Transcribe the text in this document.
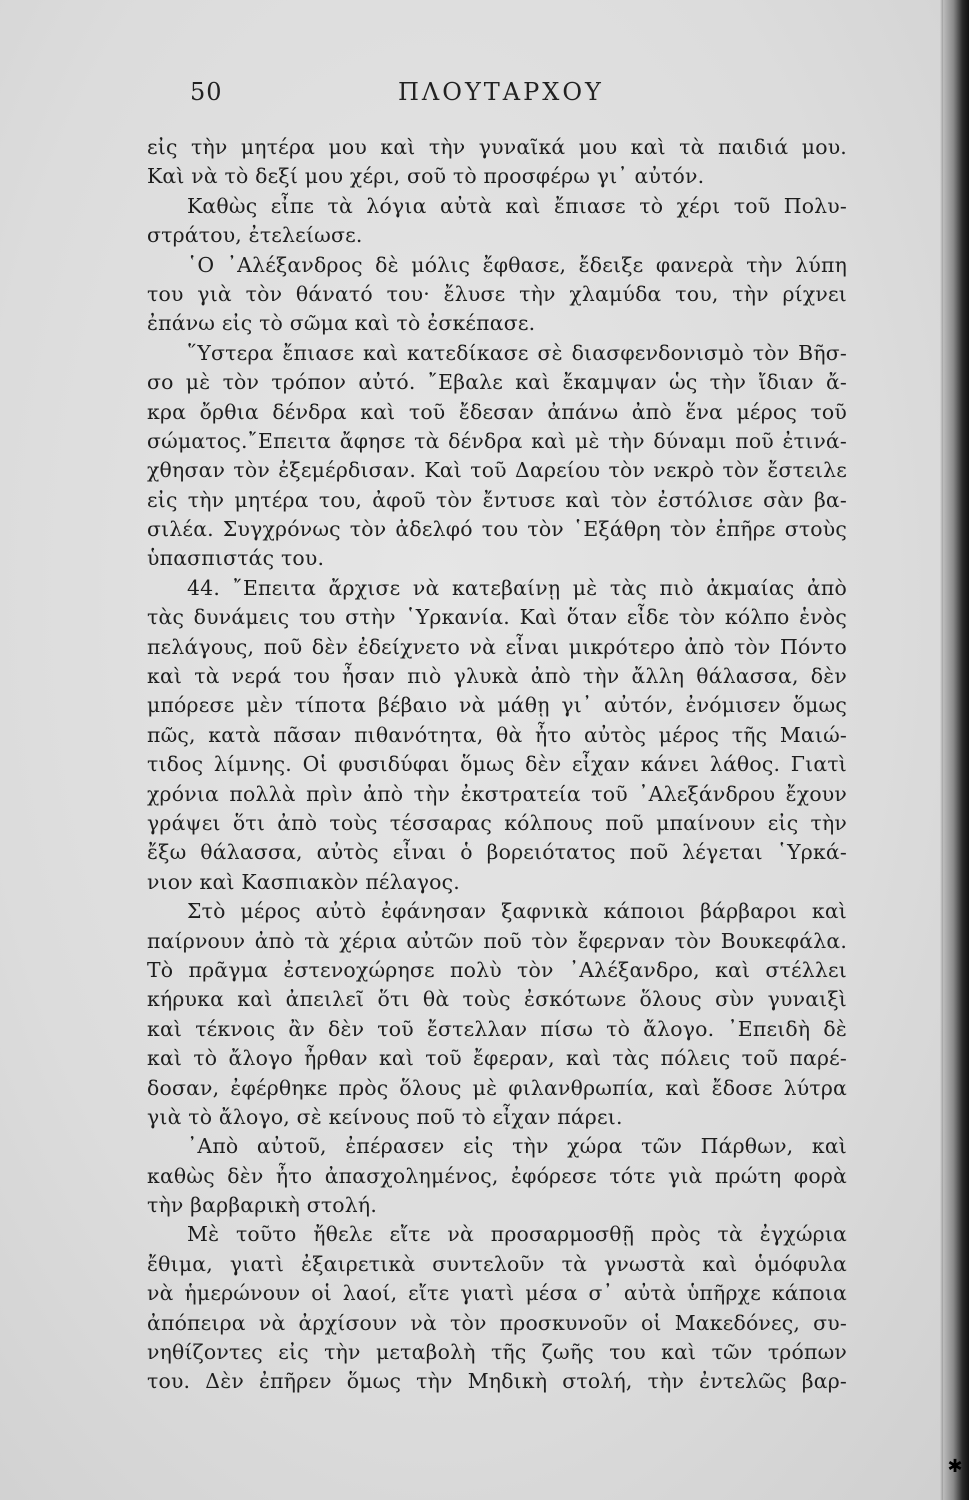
50	ΠΛΟΥΤΑΡΧΟΥ
εἰς τὴν μητέρα μου καὶ τὴν γυναῖκά μου καὶ τὰ παιδιά μου.
Καὶ νὰ τὸ δεξί μου χέρι, σοῦ τὸ προσφέρω γι᾽ αὐτόν.
Καθὼς εἶπε τὰ λόγια αὐτὰ καὶ ἔπιασε τὸ χέρι τοῦ Πολυ-
στράτου, ἐτελείωσε.
῾Ο ᾽Αλέξανδρος δὲ μόλις ἔφθασε, ἔδειξε φανερὰ τὴν λύπη
του γιὰ τὸν θάνατό του· ἔλυσε τὴν χλαμύδα του, τὴν ρίχνει
ἐπάνω εἰς τὸ σῶμα καὶ τὸ ἐσκέπασε.
῞Υστερα ἔπιασε καὶ κατεδίκασε σὲ διασφενδονισμὸ τὸν Βῆσ-
σο μὲ τὸν τρόπον αὐτό. ῎Εβαλε καὶ ἔκαμψαν ὡς τὴν ἴδιαν ἄ-
κρα ὄρθια δένδρα καὶ τοῦ ἔδεσαν ἀπάνω ἀπὸ ἕνα μέρος τοῦ
σώματος.῎Επειτα ἄφησε τὰ δένδρα καὶ μὲ τὴν δύναμι ποῦ ἐτινά-
χθησαν τὸν ἐξεμέρδισαν. Καὶ τοῦ Δαρείου τὸν νεκρὸ τὸν ἔστειλε
εἰς τὴν μητέρα του, ἀφοῦ τὸν ἔντυσε καὶ τὸν ἐστόλισε σὰν βα-
σιλέα. Συγχρόνως τὸν ἀδελφό του τὸν ῾Εξάθρη τὸν ἐπῆρε στοὺς
ὑπασπιστάς του.
44. ῎Επειτα ἄρχισε νὰ κατεβαίνῃ μὲ τὰς πιὸ ἀκμαίας ἀπὸ
τὰς δυνάμεις του στὴν ῾Υρκανία. Καὶ ὅταν εἶδε τὸν κόλπο ἑνὸς
πελάγους, ποῦ δὲν ἐδείχνετο νὰ εἶναι μικρότερο ἀπὸ τὸν Πόντο
καὶ τὰ νερά του ἦσαν πιὸ γλυκὰ ἀπὸ τὴν ἄλλη θάλασσα, δὲν
μπόρεσε μὲν τίποτα βέβαιο νὰ μάθῃ γι᾽ αὐτόν, ἐνόμισεν ὅμως
πῶς, κατὰ πᾶσαν πιθανότητα, θὰ ἦτο αὐτὸς μέρος τῆς Μαιώ-
τιδος λίμνης. Οἱ φυσιδύφαι ὅμως δὲν εἶχαν κάνει λάθος. Γιατὶ
χρόνια πολλὰ πρὶν ἀπὸ τὴν ἐκστρατεία τοῦ ᾽Αλεξάνδρου ἔχουν
γράψει ὅτι ἀπὸ τοὺς τέσσαρας κόλπους ποῦ μπαίνουν εἰς τὴν
ἔξω θάλασσα, αὐτὸς εἶναι ὁ βορειότατος ποῦ λέγεται ῾Υρκά-
νιον καὶ Κασπιακὸν πέλαγος.
Στὸ μέρος αὐτὸ ἐφάνησαν ξαφνικὰ κάποιοι βάρβαροι καὶ
παίρνουν ἀπὸ τὰ χέρια αὐτῶν ποῦ τὸν ἔφερναν τὸν Βουκεφάλα.
Τὸ πρᾶγμα ἐστενοχώρησε πολὺ τὸν ᾽Αλέξανδρο, καὶ στέλλει
κήρυκα καὶ ἀπειλεῖ ὅτι θὰ τοὺς ἐσκότωνε ὅλους σὺν γυναιξὶ
καὶ τέκνοις ἂν δὲν τοῦ ἔστελλαν πίσω τὸ ἄλογο. ᾽Επειδὴ δὲ
καὶ τὸ ἄλογο ἦρθαν καὶ τοῦ ἔφεραν, καὶ τὰς πόλεις τοῦ παρέ-
δοσαν, ἐφέρθηκε πρὸς ὅλους μὲ φιλανθρωπία, καὶ ἔδοσε λύτρα
γιὰ τὸ ἄλογο, σὲ κείνους ποῦ τὸ εἶχαν πάρει.
᾽Απὸ αὐτοῦ, ἐπέρασεν εἰς τὴν χώρα τῶν Πάρθων, καὶ
καθὼς δὲν ἦτο ἀπασχολημένος, ἐφόρεσε τότε γιὰ πρώτη φορὰ
τὴν βαρβαρικὴ στολή.
Μὲ τοῦτο ἤθελε εἴτε νὰ προσαρμοσθῇ πρὸς τὰ ἐγχώρια
ἔθιμα, γιατὶ ἐξαιρετικὰ συντελοῦν τὰ γνωστὰ καὶ ὁμόφυλα
νὰ ἡμερώνουν οἱ λαοί, εἴτε γιατὶ μέσα σ᾽ αὐτὰ ὑπῆρχε κάποια
ἀπόπειρα νὰ ἀρχίσουν νὰ τὸν προσκυνοῦν οἱ Μακεδόνες, συ-
νηθίζοντες εἰς τὴν μεταβολὴ τῆς ζωῆς του καὶ τῶν τρόπων
του. Δὲν ἐπῆρεν ὅμως τὴν Μηδικὴ στολή, τὴν ἐντελῶς βαρ-
✱
